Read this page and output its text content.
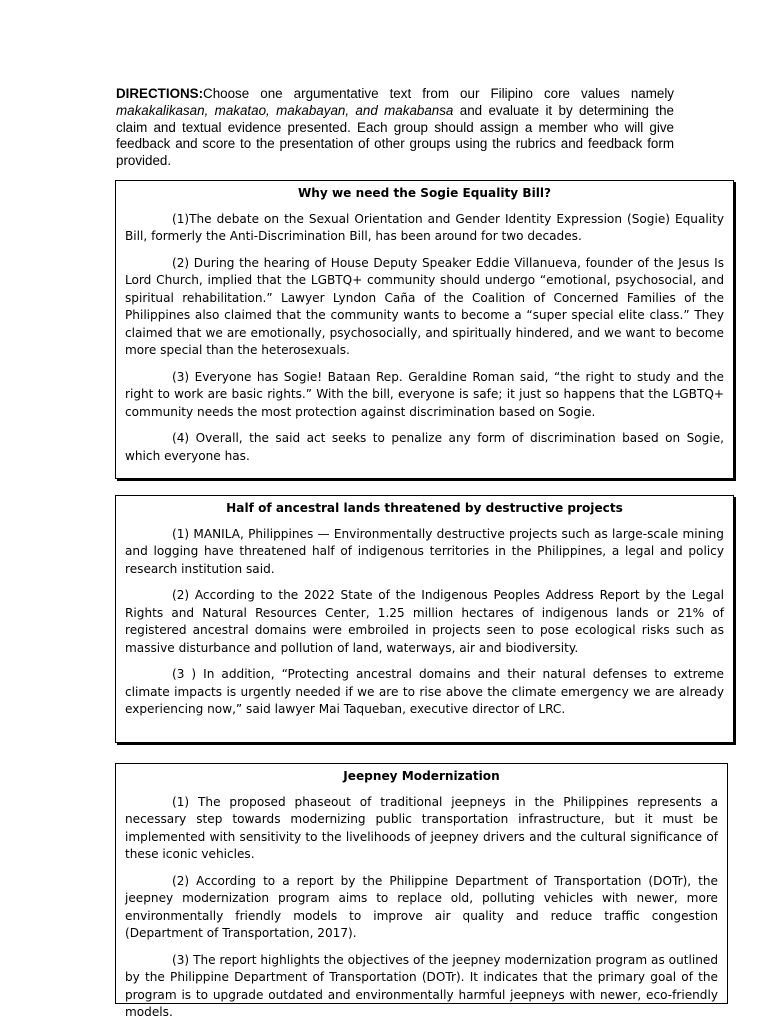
DIRECTIONS:Choose one argumentative text from our Filipino core values namely makakalikasan, makatao, makabayan, and makabansa and evaluate it by determining the claim and textual evidence presented. Each group should assign a member who will give feedback and score to the presentation of other groups using the rubrics and feedback form provided.
Why we need the Sogie Equality Bill?

(1)The debate on the Sexual Orientation and Gender Identity Expression (Sogie) Equality Bill, formerly the Anti-Discrimination Bill, has been around for two decades.

(2) During the hearing of House Deputy Speaker Eddie Villanueva, founder of the Jesus Is Lord Church, implied that the LGBTQ+ community should undergo “emotional, psychosocial, and spiritual rehabilitation.” Lawyer Lyndon Caña of the Coalition of Concerned Families of the Philippines also claimed that the community wants to become a “super special elite class.” They claimed that we are emotionally, psychosocially, and spiritually hindered, and we want to become more special than the heterosexuals.

(3) Everyone has Sogie! Bataan Rep. Geraldine Roman said, “the right to study and the right to work are basic rights.” With the bill, everyone is safe; it just so happens that the LGBTQ+ community needs the most protection against discrimination based on Sogie.

(4) Overall, the said act seeks to penalize any form of discrimination based on Sogie, which everyone has.

Half of ancestral lands threatened by destructive projects

(1) MANILA, Philippines — Environmentally destructive projects such as large-scale mining and logging have threatened half of indigenous territories in the Philippines, a legal and policy research institution said.

(2) According to the 2022 State of the Indigenous Peoples Address Report by the Legal Rights and Natural Resources Center, 1.25 million hectares of indigenous lands or 21% of registered ancestral domains were embroiled in projects seen to pose ecological risks such as massive disturbance and pollution of land, waterways, air and biodiversity.

(3 ) In addition, “Protecting ancestral domains and their natural defenses to extreme climate impacts is urgently needed if we are to rise above the climate emergency we are already experiencing now,” said lawyer Mai Taqueban, executive director of LRC.

Jeepney Modernization

(1) The proposed phaseout of traditional jeepneys in the Philippines represents a necessary step towards modernizing public transportation infrastructure, but it must be implemented with sensitivity to the livelihoods of jeepney drivers and the cultural significance of these iconic vehicles.

(2) According to a report by the Philippine Department of Transportation (DOTr), the jeepney modernization program aims to replace old, polluting vehicles with newer, more environmentally friendly models to improve air quality and reduce traffic congestion (Department of Transportation, 2017).

(3) The report highlights the objectives of the jeepney modernization program as outlined by the Philippine Department of Transportation (DOTr). It indicates that the primary goal of the program is to upgrade outdated and environmentally harmful jeepneys with newer, eco-friendly models.
